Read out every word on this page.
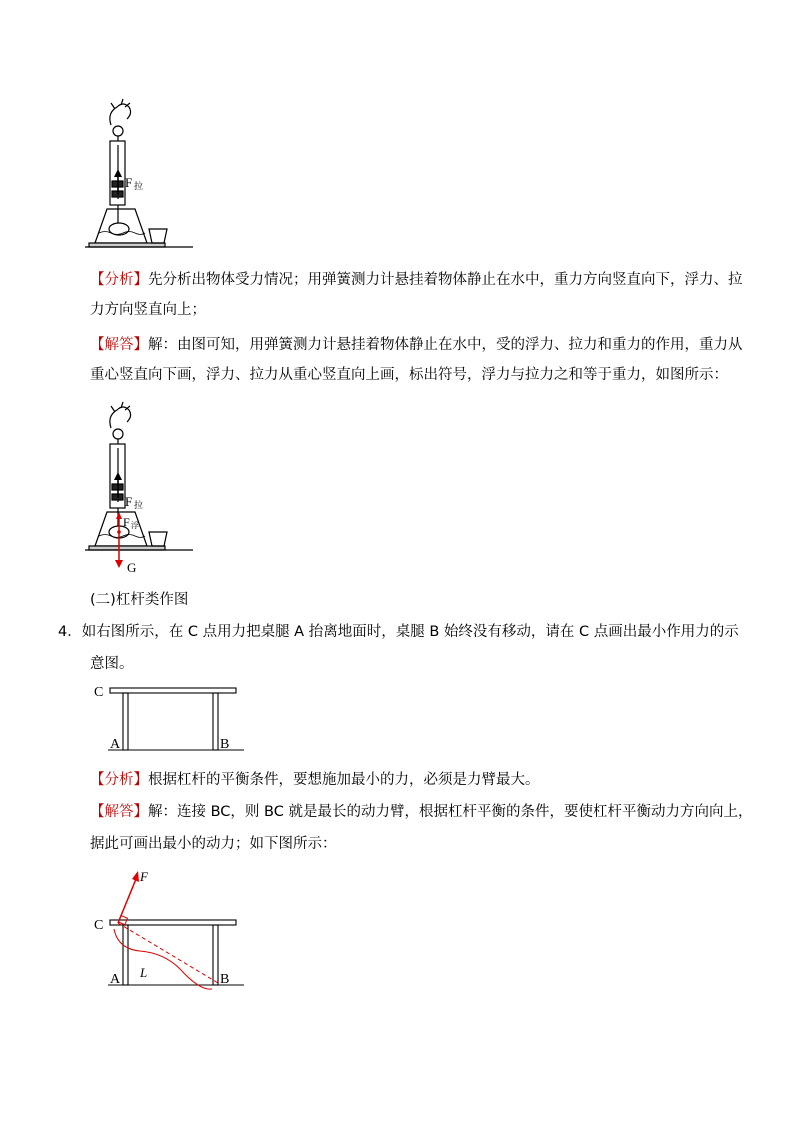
F 拉
【分析】先分析出物体受力情况；用弹簧测力计悬挂着物体静止在水中，重力方向竖直向下，浮力、拉
力方向竖直向上；
【解答】解：由图可知，用弹簧测力计悬挂着物体静止在水中，受的浮力、拉力和重力的作用，重力从
重心竖直向下画，浮力、拉力从重心竖直向上画，标出符号，浮力与拉力之和等于重力，如图所示：
F 拉
F 浮
G
(二)杠杆类作图
4．如右图所示，在 C 点用力把桌腿 A 抬离地面时，桌腿 B 始终没有移动，请在 C 点画出最小作用力的示
意图。
C
A	B
【分析】根据杠杆的平衡条件，要想施加最小的力，必须是力臂最大。
【解答】解：连接 BC，则 BC 就是最长的动力臂，根据杠杆平衡的条件，要使杠杆平衡动力方向向上，
据此可画出最小的动力；如下图所示：
F
C
A	B
L
